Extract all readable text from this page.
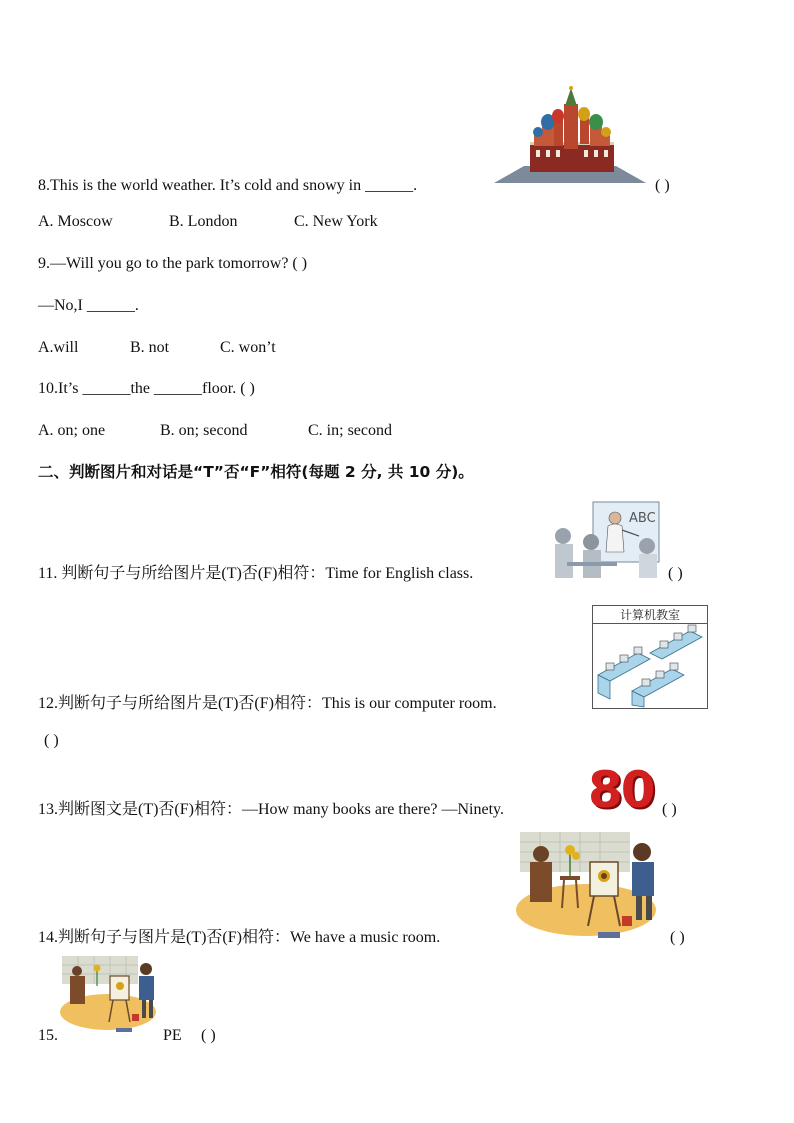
8.This is the world weather. It’s cold and snowy in ______.	( )
A. Moscow	B. London	C. New York
9.—Will you go to the park tomorrow? ( )
—No,I ______.
A.will	B. not	C. won’t
10.It’s ______the ______floor. ( )
A. on; one	B. on; second	C. in; second
二、判断图片和对话是“T”否“F”相符(每题 2 分, 共 10 分)。
ABC
11. 判断句子与所给图片是(T)否(F)相符：Time for English class.	( )
计算机教室
12.判断句子与所给图片是(T)否(F)相符：This is our computer room.
( )
80
13.判断图文是(T)否(F)相符：—How many books are there? —Ninety.	( )
14.判断句子与图片是(T)否(F)相符：We have a music room.	( )
15.	PE ( )
